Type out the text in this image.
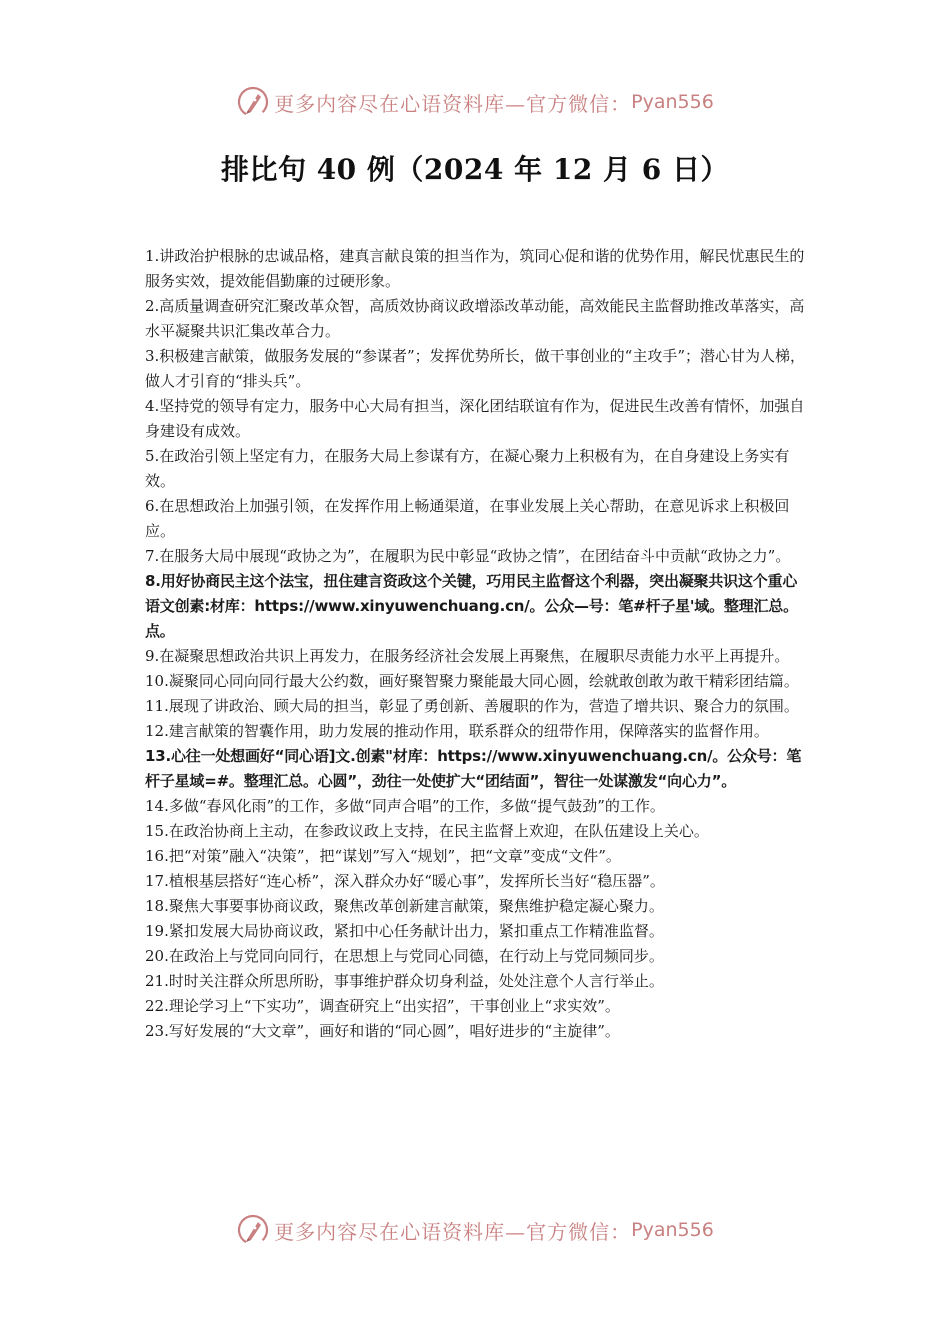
更多内容尽在心语资料库—官方微信： Pyan556
排比句 40 例（2024 年 12 月 6 日）

1.讲政治护根脉的忠诚品格，建真言献良策的担当作为，筑同心促和谐的优势作用，解民忧惠民生的服务实效，提效能倡勤廉的过硬形象。

2.高质量调查研究汇聚改革众智，高质效协商议政增添改革动能，高效能民主监督助推改革落实，高水平凝聚共识汇集改革合力。

3.积极建言献策，做服务发展的“参谋者”；发挥优势所长，做干事创业的“主攻手”；潜心甘为人梯，做人才引育的“排头兵”。

4.坚持党的领导有定力，服务中心大局有担当，深化团结联谊有作为，促进民生改善有情怀，加强自身建设有成效。

5.在政治引领上坚定有力，在服务大局上参谋有方，在凝心聚力上积极有为，在自身建设上务实有效。

6.在思想政治上加强引领，在发挥作用上畅通渠道，在事业发展上关心帮助，在意见诉求上积极回应。

7.在服务大局中展现“政协之为”，在履职为民中彰显“政协之情”，在团结奋斗中贡献“政协之力”。

8.用好协商民主这个法宝，扭住建言资政这个关键，巧用民主监督这个利器，突出凝聚共识这个重心语文创素:材库：https://www.xinyuwenchuang.cn/。公众—号：笔#杆子星'域。整理汇总。点。

9.在凝聚思想政治共识上再发力，在服务经济社会发展上再聚焦，在履职尽责能力水平上再提升。

10.凝聚同心同向同行最大公约数，画好聚智聚力聚能最大同心圆，绘就敢创敢为敢干精彩团结篇。

11.展现了讲政治、顾大局的担当，彰显了勇创新、善履职的作为，营造了增共识、聚合力的氛围。

12.建言献策的智囊作用，助力发展的推动作用，联系群众的纽带作用，保障落实的监督作用。

13.心往一处想画好“同心语]文.创素"材库：https://www.xinyuwenchuang.cn/。公众号：笔杆子星域=#。整理汇总。心圆”，劲往一处使扩大“团结面”，智往一处谋激发“向心力”。

14.多做“春风化雨”的工作，多做“同声合唱”的工作，多做“提气鼓劲”的工作。

15.在政治协商上主动，在参政议政上支持，在民主监督上欢迎，在队伍建设上关心。

16.把“对策”融入“决策”，把“谋划”写入“规划”，把“文章”变成“文件”。

17.植根基层搭好“连心桥”，深入群众办好“暖心事”，发挥所长当好“稳压器”。

18.聚焦大事要事协商议政，聚焦改革创新建言献策，聚焦维护稳定凝心聚力。

19.紧扣发展大局协商议政，紧扣中心任务献计出力，紧扣重点工作精准监督。

20.在政治上与党同向同行，在思想上与党同心同德，在行动上与党同频同步。

21.时时关注群众所思所盼，事事维护群众切身利益，处处注意个人言行举止。

22.理论学习上“下实功”，调查研究上“出实招”，干事创业上“求实效”。

23.写好发展的“大文章”，画好和谐的“同心圆”，唱好进步的“主旋律”。

更多内容尽在心语资料库—官方微信： Pyan556
